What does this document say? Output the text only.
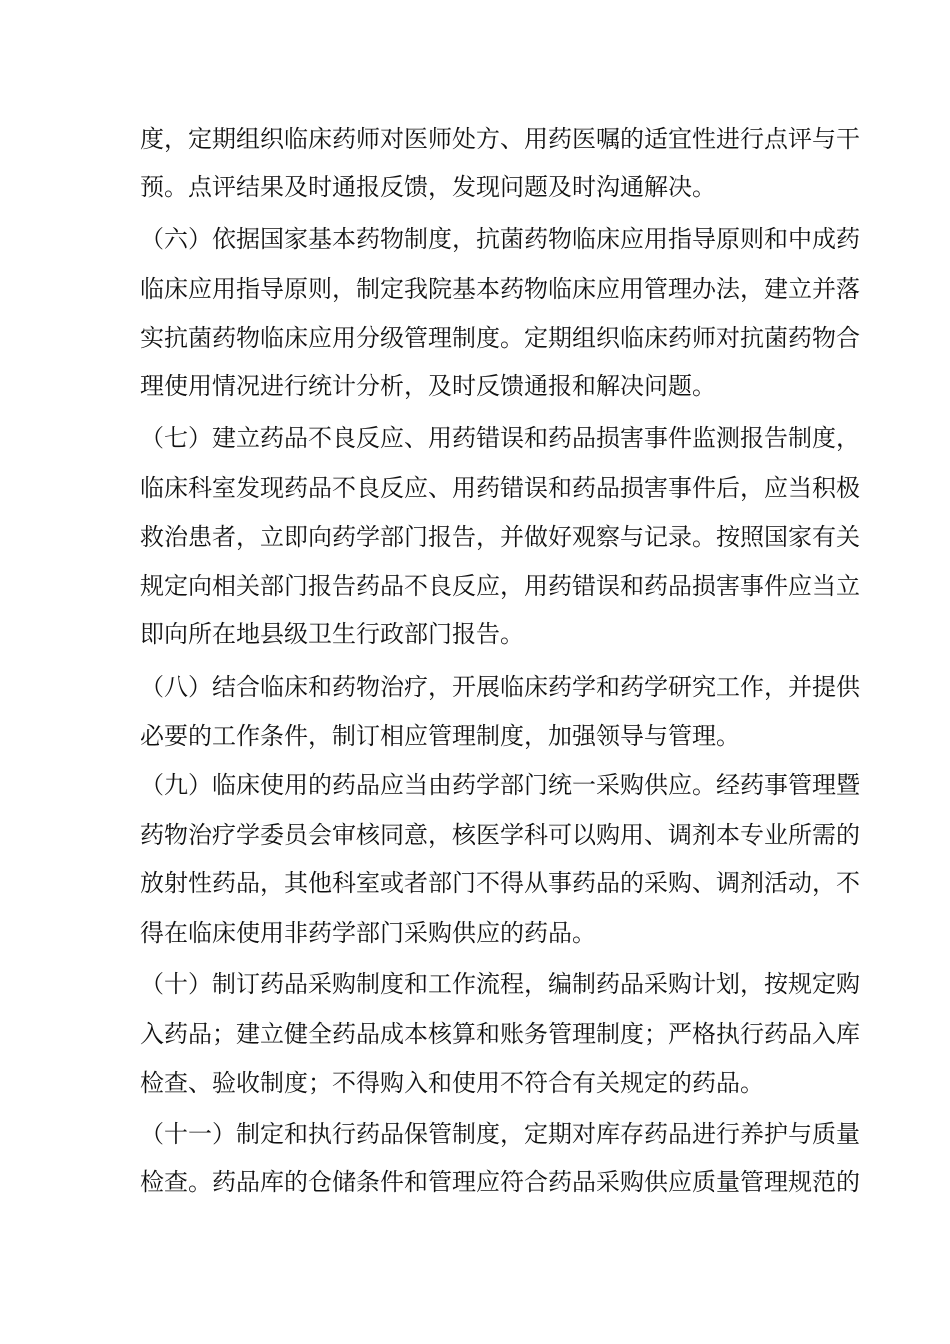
度，定期组织临床药师对医师处方、用药医嘱的适宜性进行点评与干
预。点评结果及时通报反馈，发现问题及时沟通解决。
（六）依据国家基本药物制度，抗菌药物临床应用指导原则和中成药
临床应用指导原则，制定我院基本药物临床应用管理办法，建立并落
实抗菌药物临床应用分级管理制度。定期组织临床药师对抗菌药物合
理使用情况进行统计分析，及时反馈通报和解决问题。
（七）建立药品不良反应、用药错误和药品损害事件监测报告制度，
临床科室发现药品不良反应、用药错误和药品损害事件后，应当积极
救治患者，立即向药学部门报告，并做好观察与记录。按照国家有关
规定向相关部门报告药品不良反应，用药错误和药品损害事件应当立
即向所在地县级卫生行政部门报告。
（八）结合临床和药物治疗，开展临床药学和药学研究工作，并提供
必要的工作条件，制订相应管理制度，加强领导与管理。
（九）临床使用的药品应当由药学部门统一采购供应。经药事管理暨
药物治疗学委员会审核同意，核医学科可以购用、调剂本专业所需的
放射性药品，其他科室或者部门不得从事药品的采购、调剂活动，不
得在临床使用非药学部门采购供应的药品。
（十）制订药品采购制度和工作流程，编制药品采购计划，按规定购
入药品；建立健全药品成本核算和账务管理制度；严格执行药品入库
检查、验收制度；不得购入和使用不符合有关规定的药品。
（十一）制定和执行药品保管制度，定期对库存药品进行养护与质量
检查。药品库的仓储条件和管理应符合药品采购供应质量管理规范的
